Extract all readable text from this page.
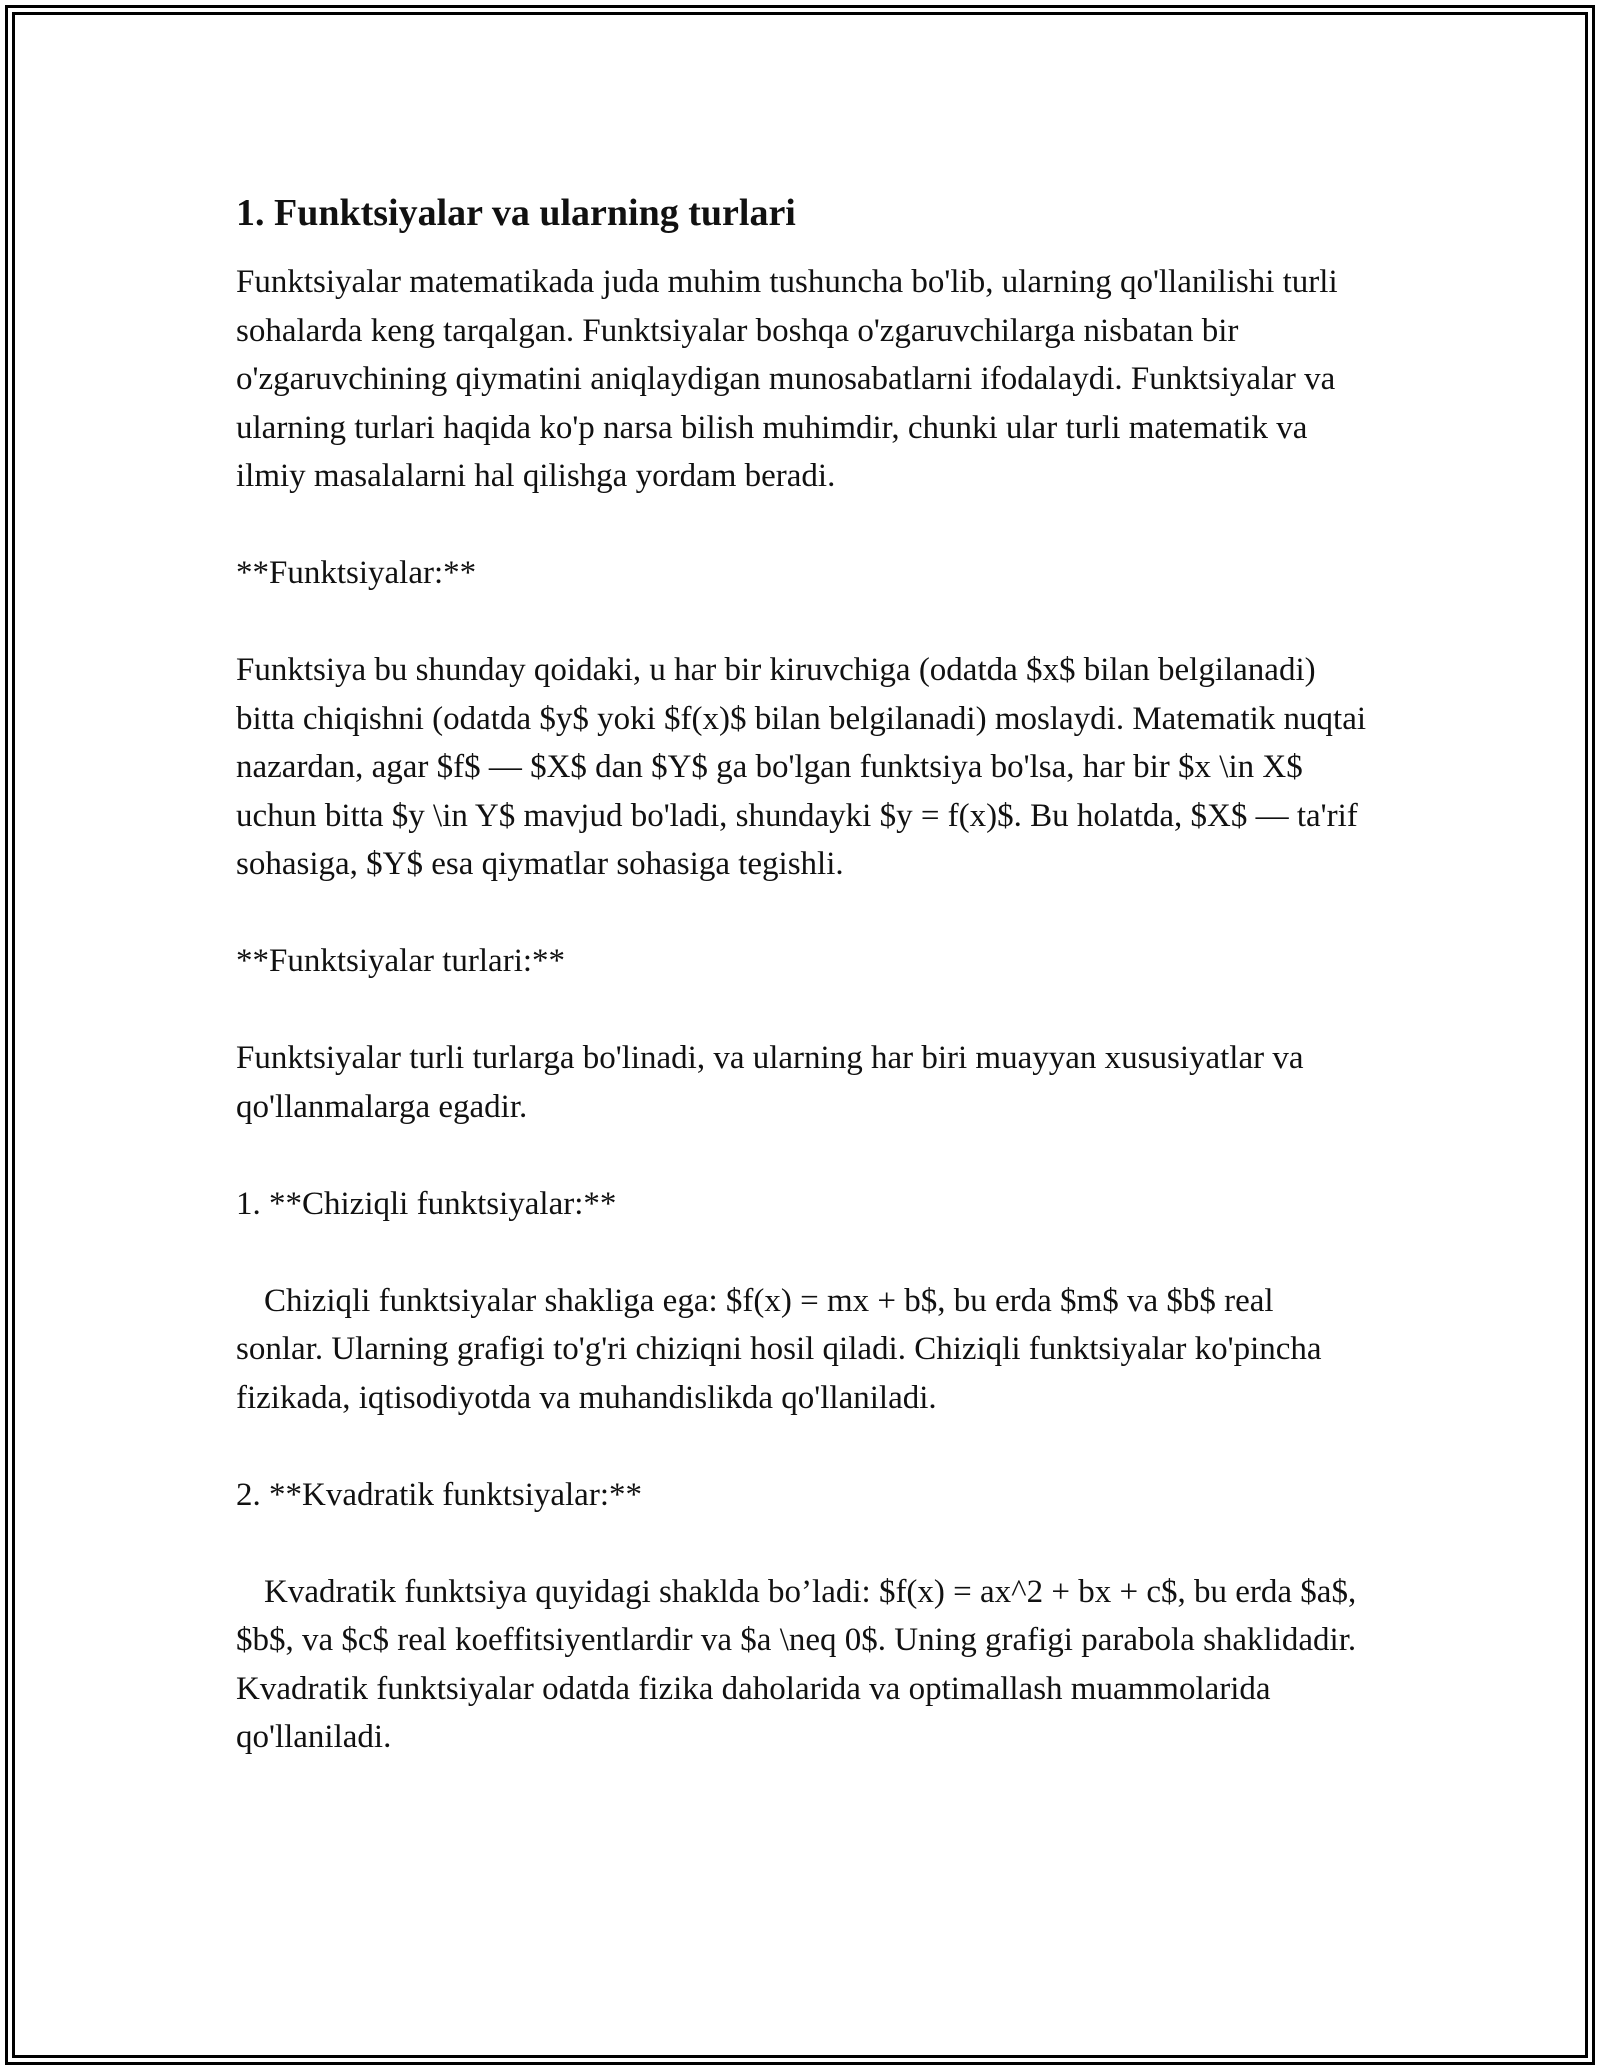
1. Funktsiyalar va ularning turlari

Funktsiyalar matematikada juda muhim tushuncha bo'lib, ularning qo'llanilishi turli sohalarda keng tarqalgan. Funktsiyalar boshqa o'zgaruvchilarga nisbatan bir o'zgaruvchining qiymatini aniqlaydigan munosabatlarni ifodalaydi. Funktsiyalar va ularning turlari haqida ko'p narsa bilish muhimdir, chunki ular turli matematik va ilmiy masalalarni hal qilishga yordam beradi.

**Funktsiyalar:**

Funktsiya bu shunday qoidaki, u har bir kiruvchiga (odatda $x$ bilan belgilanadi) bitta chiqishni (odatda $y$ yoki $f(x)$ bilan belgilanadi) moslaydi. Matematik nuqtai nazardan, agar $f$ — $X$ dan $Y$ ga bo'lgan funktsiya bo'lsa, har bir $x \in X$ uchun bitta $y \in Y$ mavjud bo'ladi, shundayki $y = f(x)$. Bu holatda, $X$ — ta'rif sohasiga, $Y$ esa qiymatlar sohasiga tegishli.

**Funktsiyalar turlari:**

Funktsiyalar turli turlarga bo'linadi, va ularning har biri muayyan xususiyatlar va qo'llanmalarga egadir.

1. **Chiziqli funktsiyalar:**

Chiziqli funktsiyalar shakliga ega: $f(x) = mx + b$, bu erda $m$ va $b$ real sonlar. Ularning grafigi to'g'ri chiziqni hosil qiladi. Chiziqli funktsiyalar ko'pincha fizikada, iqtisodiyotda va muhandislikda qo'llaniladi.

2. **Kvadratik funktsiyalar:**

Kvadratik funktsiya quyidagi shaklda bo’ladi: $f(x) = ax^2 + bx + c$, bu erda $a$, $b$, va $c$ real koeffitsiyentlardir va $a \neq 0$. Uning grafigi parabola shaklidadir. Kvadratik funktsiyalar odatda fizika daholarida va optimallash muammolarida qo'llaniladi.
